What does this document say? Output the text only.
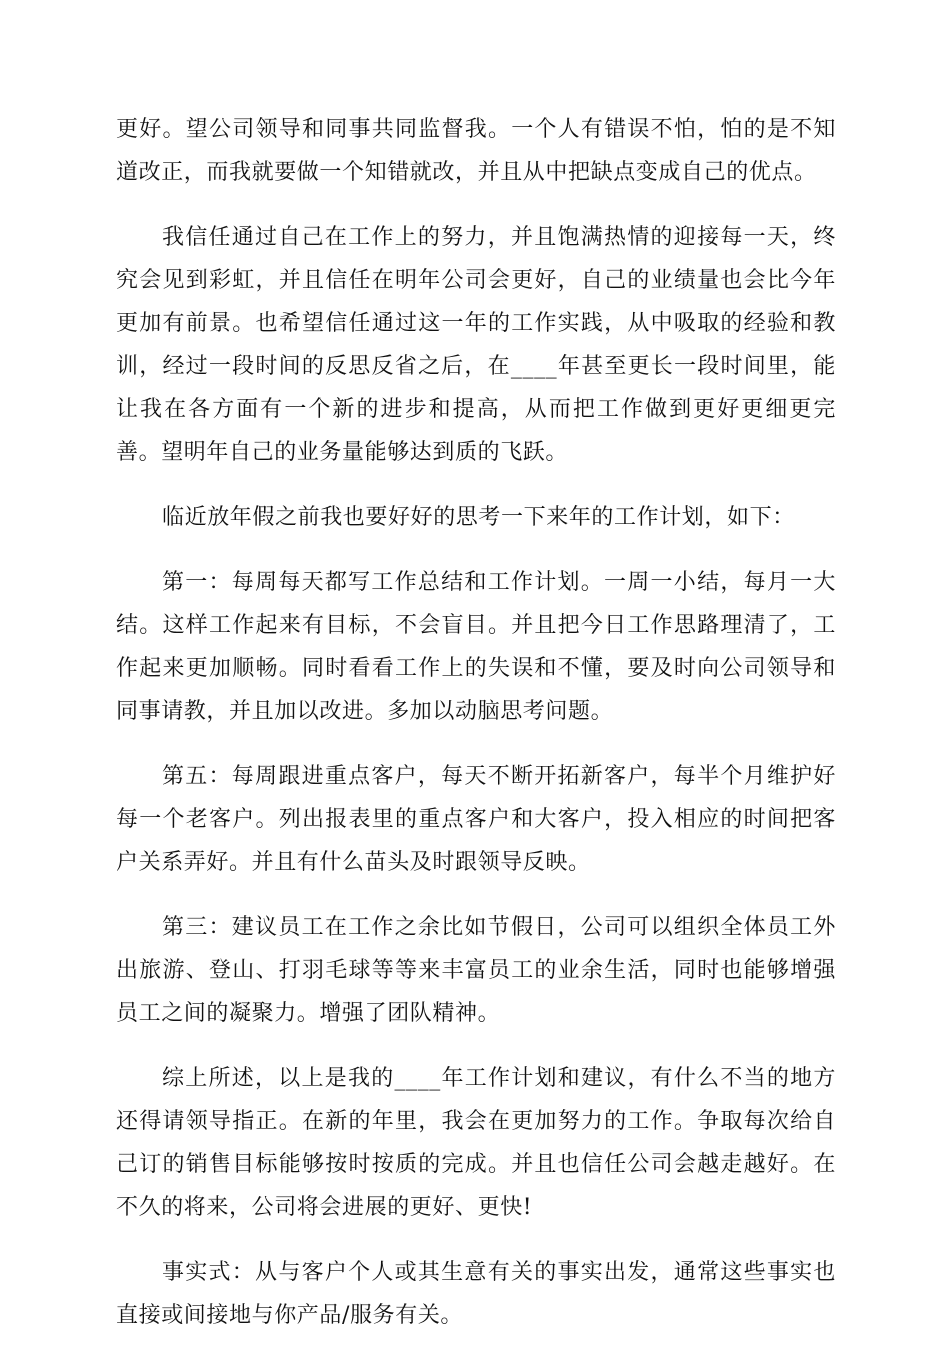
更好。望公司领导和同事共同监督我。一个人有错误不怕，怕的是不知道改正，而我就要做一个知错就改，并且从中把缺点变成自己的优点。

我信任通过自己在工作上的努力，并且饱满热情的迎接每一天，终究会见到彩虹，并且信任在明年公司会更好，自己的业绩量也会比今年更加有前景。也希望信任通过这一年的工作实践，从中吸取的经验和教训，经过一段时间的反思反省之后，在____年甚至更长一段时间里，能让我在各方面有一个新的进步和提高，从而把工作做到更好更细更完善。望明年自己的业务量能够达到质的飞跃。

临近放年假之前我也要好好的思考一下来年的工作计划，如下：

第一：每周每天都写工作总结和工作计划。一周一小结，每月一大结。这样工作起来有目标，不会盲目。并且把今日工作思路理清了，工作起来更加顺畅。同时看看工作上的失误和不懂，要及时向公司领导和同事请教，并且加以改进。多加以动脑思考问题。

第五：每周跟进重点客户，每天不断开拓新客户，每半个月维护好每一个老客户。列出报表里的重点客户和大客户，投入相应的时间把客户关系弄好。并且有什么苗头及时跟领导反映。

第三：建议员工在工作之余比如节假日，公司可以组织全体员工外出旅游、登山、打羽毛球等等来丰富员工的业余生活，同时也能够增强员工之间的凝聚力。增强了团队精神。

综上所述，以上是我的____年工作计划和建议，有什么不当的地方还得请领导指正。在新的年里，我会在更加努力的工作。争取每次给自己订的销售目标能够按时按质的完成。并且也信任公司会越走越好。在不久的将来，公司将会进展的更好、更快!

事实式：从与客户个人或其生意有关的事实出发，通常这些事实也直接或间接地与你产品/服务有关。
